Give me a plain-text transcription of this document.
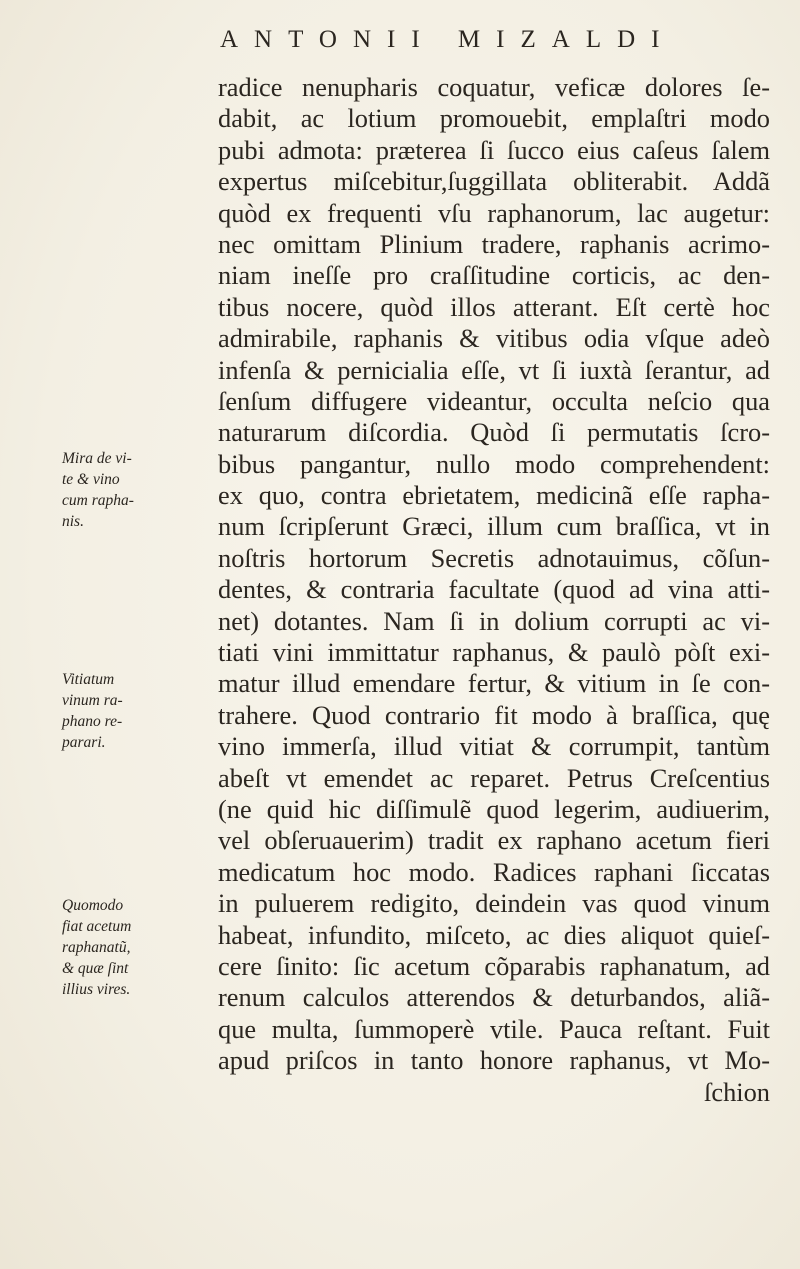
ANTONII MIZALDI
radice nenupharis coquatur, veficæ dolores ſe-
dabit, ac lotium promouebit, emplaſtri modo
pubi admota: præterea ſi ſucco eius caſeus ſalem
expertus miſcebitur,ſuggillata obliterabit. Addã
quòd ex frequenti vſu raphanorum, lac augetur:
nec omittam Plinium tradere, raphanis acrimo-
niam ineſſe pro craſſitudine corticis, ac den-
tibus nocere, quòd illos atterant. Eſt certè hoc
admirabile, raphanis & vitibus odia vſque adeò
infenſa & pernicialia eſſe, vt ſi iuxtà ſerantur, ad
ſenſum diffugere videantur, occulta neſcio qua
naturarum diſcordia. Quòd ſi permutatis ſcro-
bibus pangantur, nullo modo comprehendent:
ex quo, contra ebrietatem, medicinã eſſe rapha-
num ſcripſerunt Græci, illum cum braſſica, vt in
noſtris hortorum Secretis adnotauimus, cõſun-
dentes, & contraria facultate (quod ad vina atti-
net) dotantes. Nam ſi in dolium corrupti ac vi-
tiati vini immittatur raphanus, & paulò pòſt exi-
matur illud emendare fertur, & vitium in ſe con-
trahere. Quod contrario fit modo à braſſica, quę
vino immerſa, illud vitiat & corrumpit, tantùm
abeſt vt emendet ac reparet. Petrus Creſcentius
(ne quid hic diſſimulẽ quod legerim, audiuerim,
vel obſeruauerim) tradit ex raphano acetum fieri
medicatum hoc modo. Radices raphani ſiccatas
in puluerem redigito, deindein vas quod vinum
habeat, infundito, miſceto, ac dies aliquot quieſ-
cere ſinito: ſic acetum cõparabis raphanatum, ad
renum calculos atterendos & deturbandos, aliã-
que multa, ſummoperè vtile. Pauca reſtant. Fuit
apud priſcos in tanto honore raphanus, vt Mo-
ſchion
Mira de vi-
te & vino
cum rapha-
nis.
Vitiatum
vinum ra-
phano re-
parari.
Quomodo
fiat acetum
raphanatũ,
& quæ ſint
illius vires.
